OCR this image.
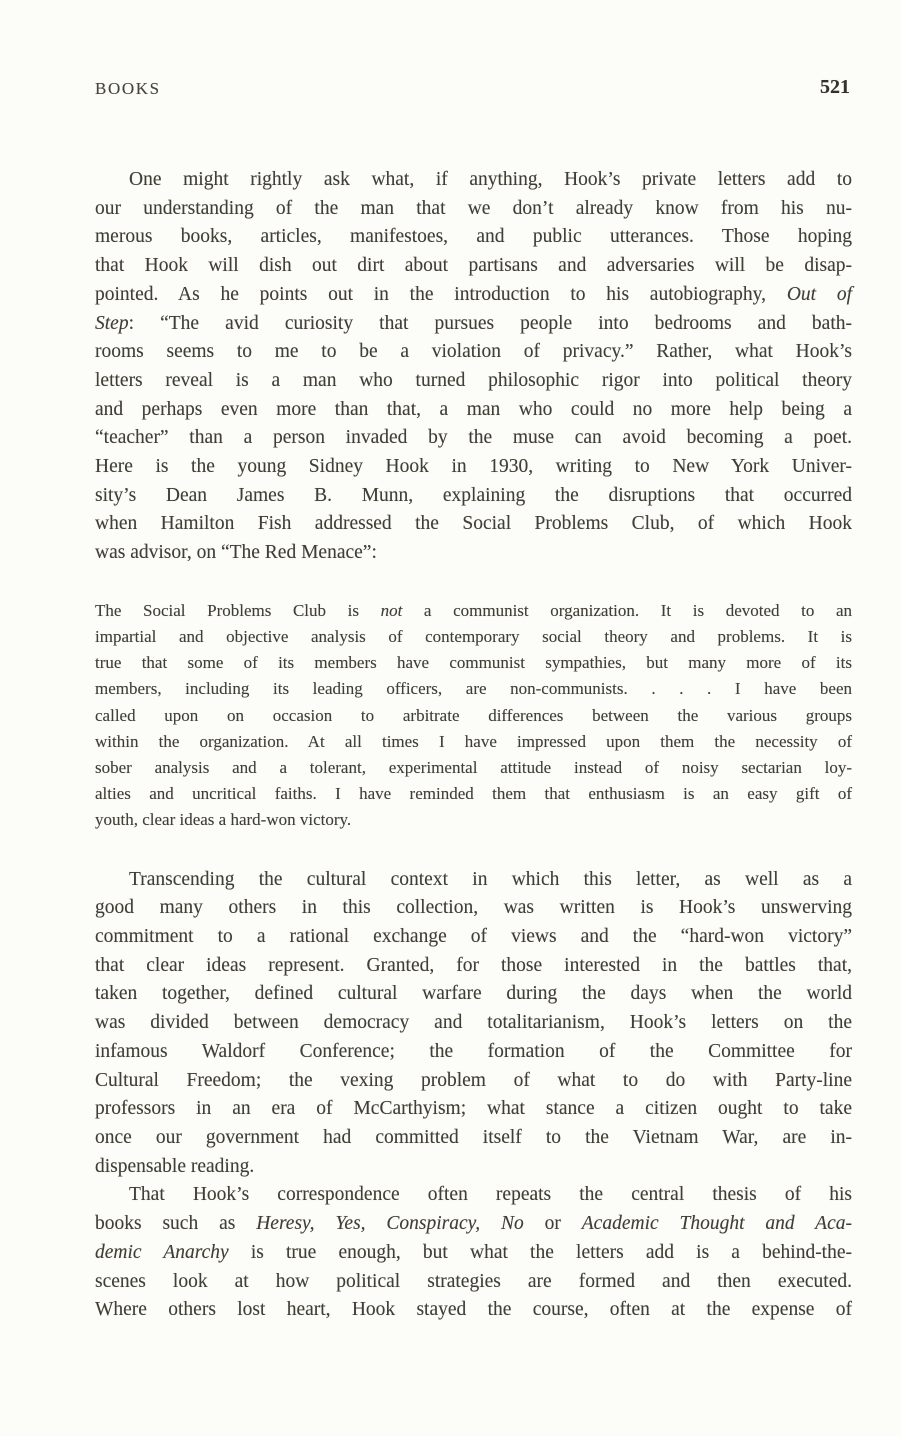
BOOKS	521
One might rightly ask what, if anything, Hook’s private letters add to
our understanding of the man that we don’t already know from his nu-
merous books, articles, manifestoes, and public utterances. Those hoping
that Hook will dish out dirt about partisans and adversaries will be disap-
pointed. As he points out in the introduction to his autobiography, Out of
Step: “The avid curiosity that pursues people into bedrooms and bath-
rooms seems to me to be a violation of privacy.” Rather, what Hook’s
letters reveal is a man who turned philosophic rigor into political theory
and perhaps even more than that, a man who could no more help being a
“teacher” than a person invaded by the muse can avoid becoming a poet.
Here is the young Sidney Hook in 1930, writing to New York Univer-
sity’s Dean James B. Munn, explaining the disruptions that occurred
when Hamilton Fish addressed the Social Problems Club, of which Hook
was advisor, on “The Red Menace”:
The Social Problems Club is not a communist organization. It is devoted to an
impartial and objective analysis of contemporary social theory and problems. It is
true that some of its members have communist sympathies, but many more of its
members, including its leading officers, are non-communists. . . . I have been
called upon on occasion to arbitrate differences between the various groups
within the organization. At all times I have impressed upon them the necessity of
sober analysis and a tolerant, experimental attitude instead of noisy sectarian loy-
alties and uncritical faiths. I have reminded them that enthusiasm is an easy gift of
youth, clear ideas a hard-won victory.
Transcending the cultural context in which this letter, as well as a
good many others in this collection, was written is Hook’s unswerving
commitment to a rational exchange of views and the “hard-won victory”
that clear ideas represent. Granted, for those interested in the battles that,
taken together, defined cultural warfare during the days when the world
was divided between democracy and totalitarianism, Hook’s letters on the
infamous Waldorf Conference; the formation of the Committee for
Cultural Freedom; the vexing problem of what to do with Party-line
professors in an era of McCarthyism; what stance a citizen ought to take
once our government had committed itself to the Vietnam War, are in-
dispensable reading.
That Hook’s correspondence often repeats the central thesis of his
books such as Heresy, Yes, Conspiracy, No or Academic Thought and Aca-
demic Anarchy is true enough, but what the letters add is a behind-the-
scenes look at how political strategies are formed and then executed.
Where others lost heart, Hook stayed the course, often at the expense of
